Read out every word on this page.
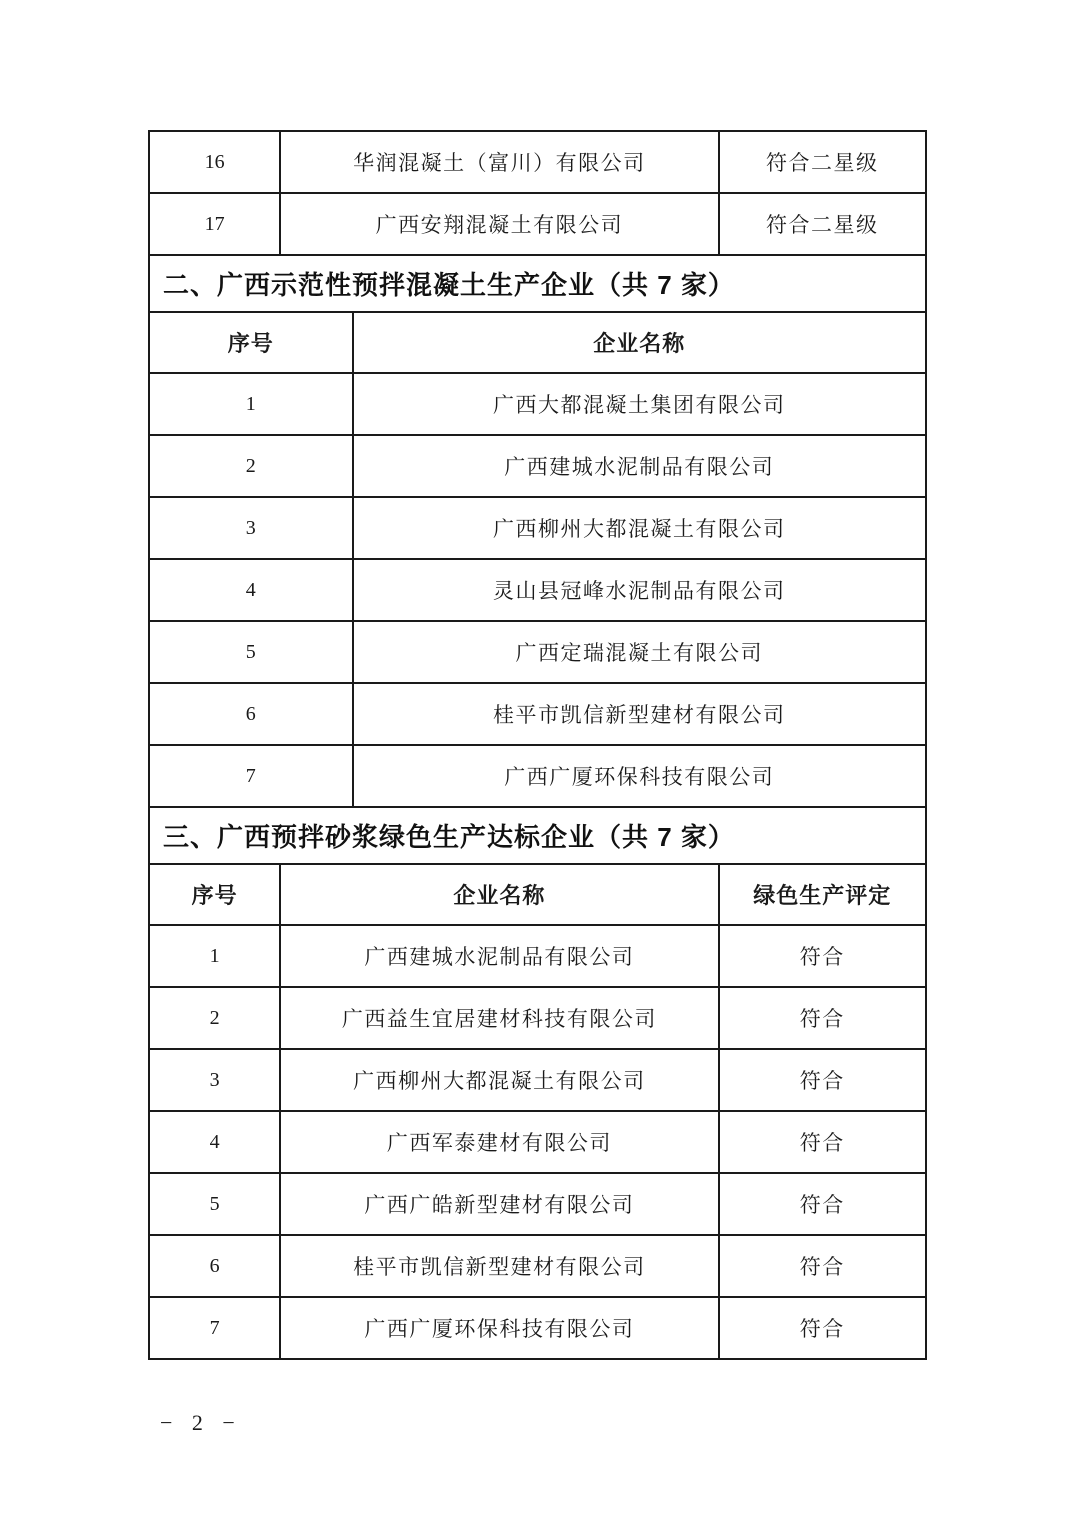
16	华润混凝土（富川）有限公司	符合二星级
17	广西安翔混凝土有限公司	符合二星级
二、广西示范性预拌混凝土生产企业（共 7 家）
序号	企业名称
1	广西大都混凝土集团有限公司
2	广西建城水泥制品有限公司
3	广西柳州大都混凝土有限公司
4	灵山县冠峰水泥制品有限公司
5	广西定瑞混凝土有限公司
6	桂平市凯信新型建材有限公司
7	广西广厦环保科技有限公司
三、广西预拌砂浆绿色生产达标企业（共 7 家）
序号	企业名称	绿色生产评定
1	广西建城水泥制品有限公司	符合
2	广西益生宜居建材科技有限公司	符合
3	广西柳州大都混凝土有限公司	符合
4	广西军泰建材有限公司	符合
5	广西广皓新型建材有限公司	符合
6	桂平市凯信新型建材有限公司	符合
7	广西广厦环保科技有限公司	符合
− 2 −
